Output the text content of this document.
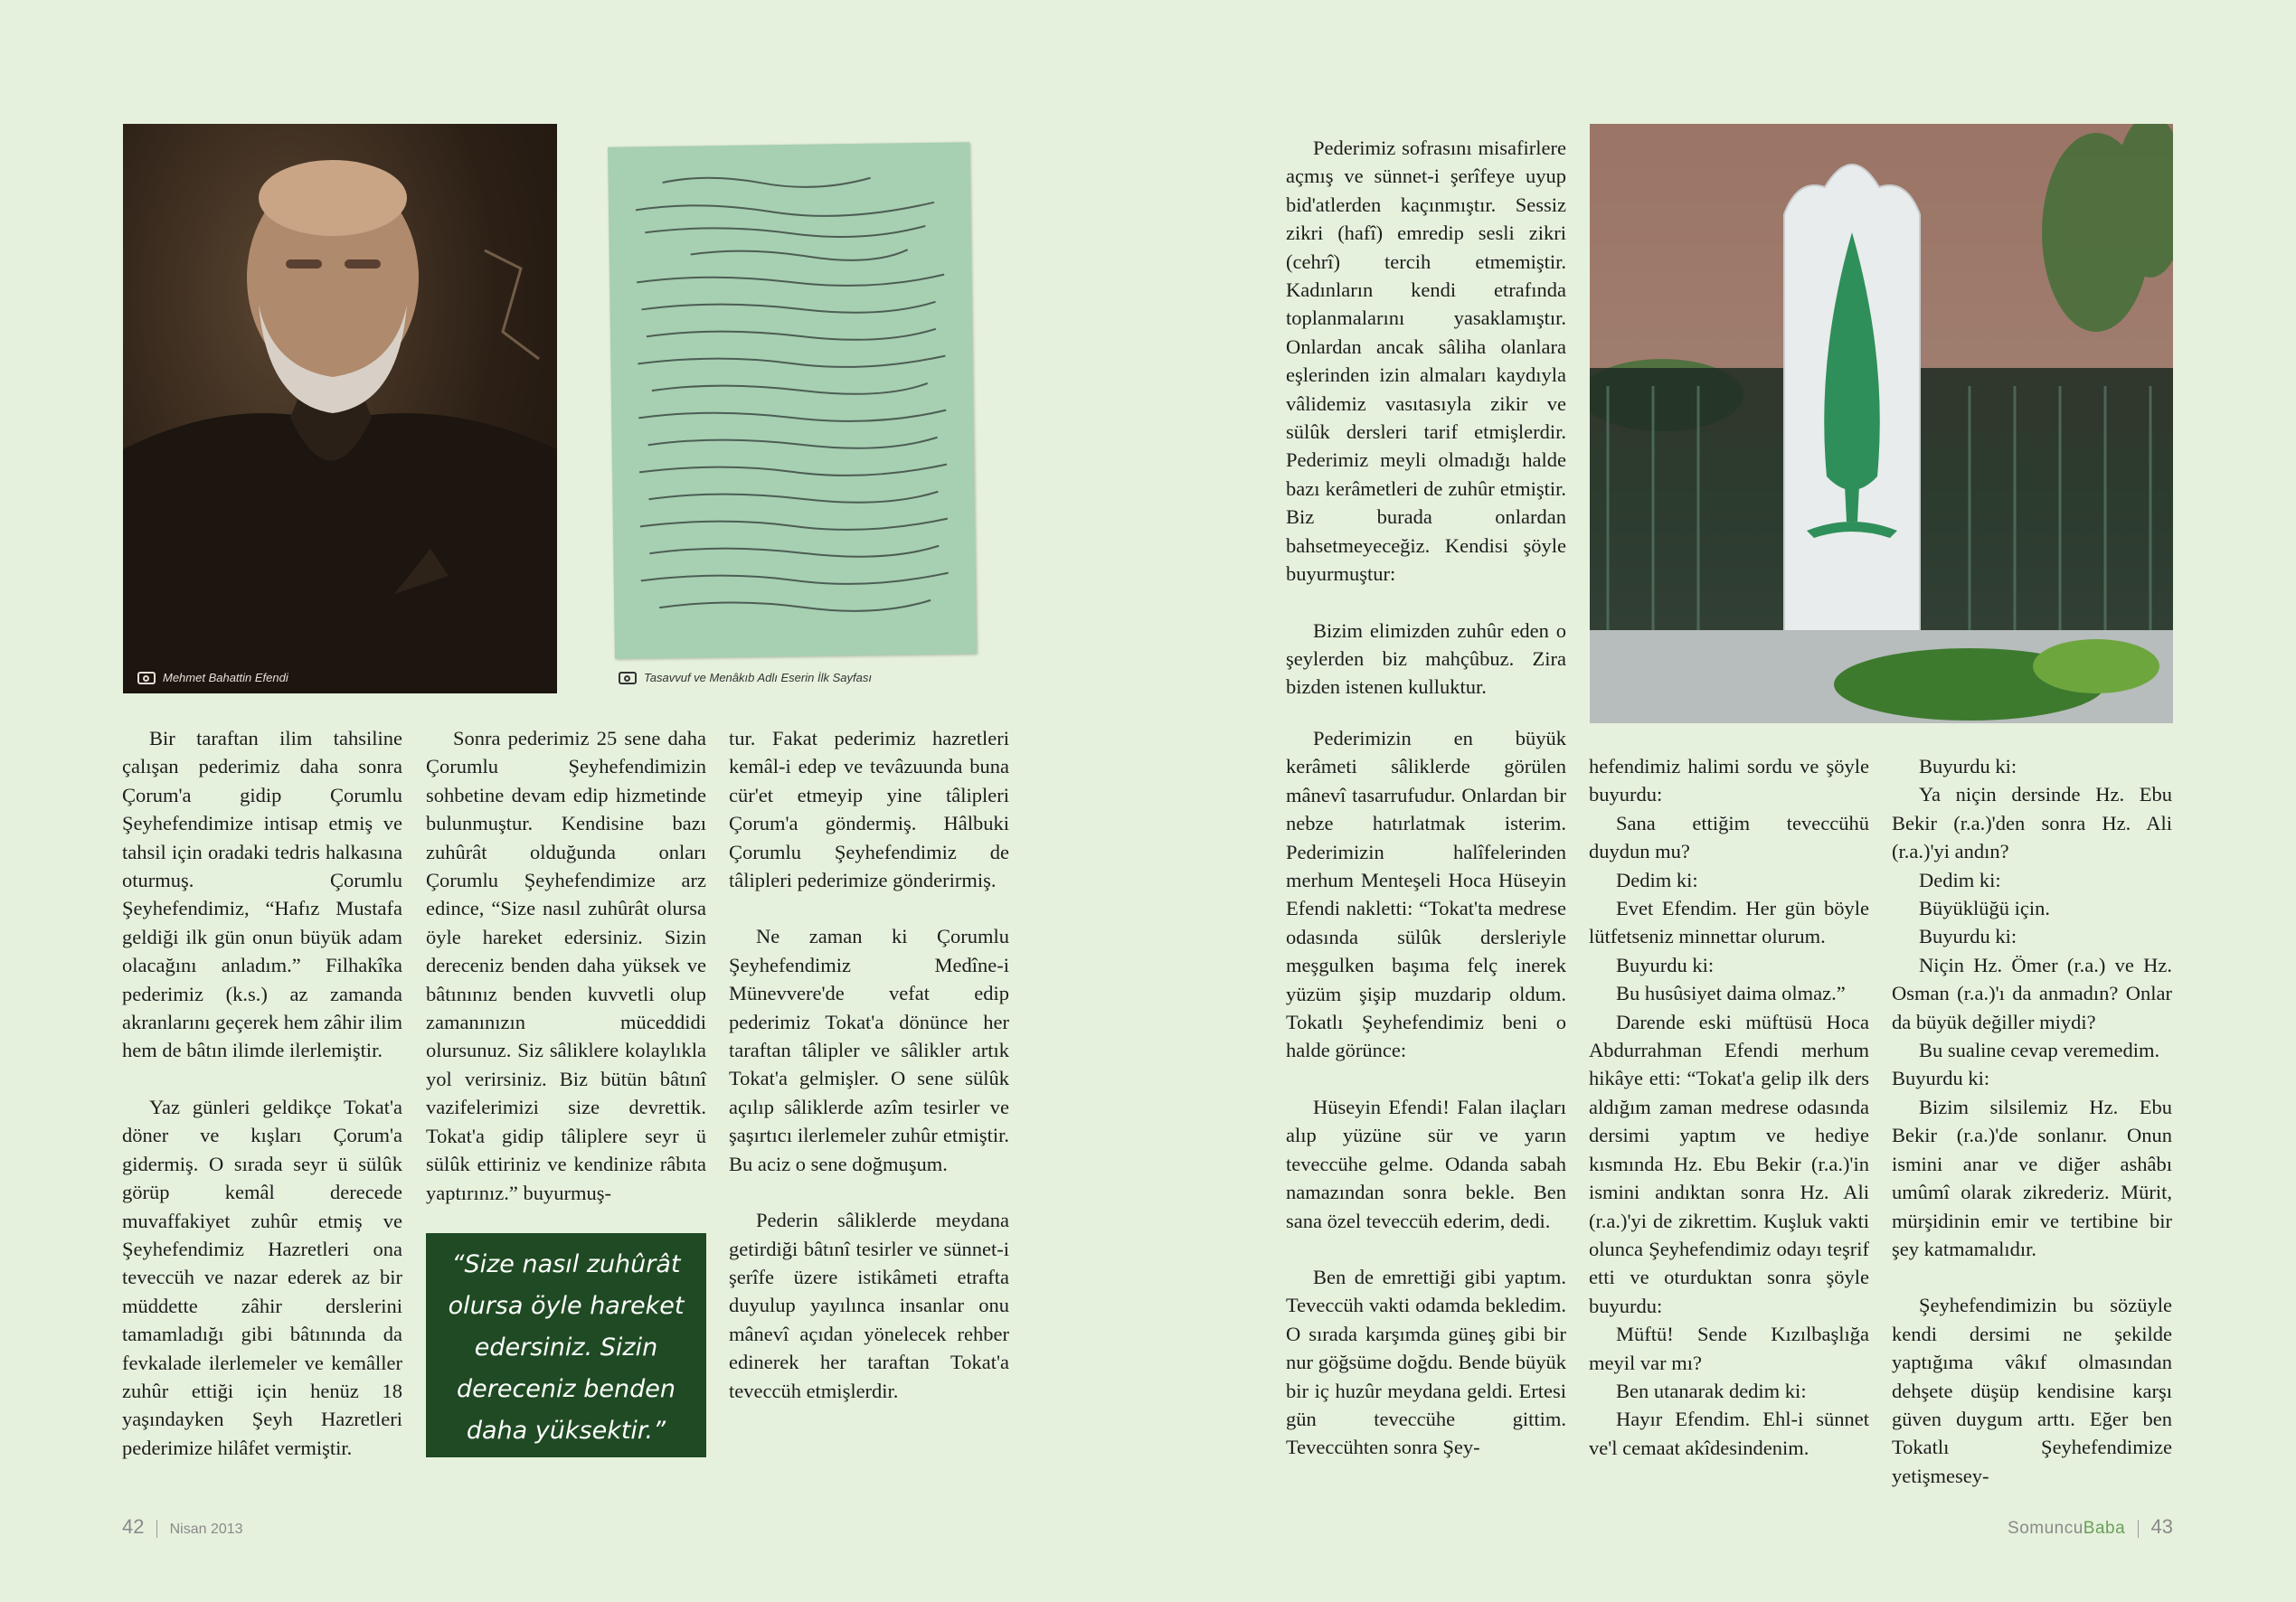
Mehmet Bahattin Efendi	Tasavvuf ve Menâkıb Adlı Eserin İlk Sayfası

Bir taraftan ilim tahsiline çalışan pederimiz daha sonra Çorum'a gidip Çorumlu Şeyhefendimize intisap etmiş ve tahsil için oradaki tedris halkasına oturmuş. Çorumlu Şeyhefendimiz, “Hafız Mustafa geldiği ilk gün onun büyük adam olacağını anladım.” Filhakîka pederimiz (k.s.) az zamanda akranlarını geçerek hem zâhir ilim hem de bâtın ilimde ilerlemiştir.

Yaz günleri geldikçe Tokat'a döner ve kışları Çorum'a gidermiş. O sırada seyr ü sülûk görüp kemâl derecede muvaffakiyet zuhûr etmiş ve Şeyhefendimiz Hazretleri ona teveccüh ve nazar ederek az bir müddette zâhir derslerini tamamladığı gibi bâtınında da fevkalade ilerlemeler ve kemâller zuhûr ettiği için henüz 18 yaşındayken Şeyh Hazretleri pederimize hilâfet vermiştir.

Sonra pederimiz 25 sene daha Çorumlu Şeyhefendimizin sohbetine devam edip hizmetinde bulunmuştur. Kendisine bazı zuhûrât olduğunda onları Çorumlu Şeyhefendimize arz edince, “Size nasıl zuhûrât olursa öyle hareket edersiniz. Sizin dereceniz benden daha yüksek ve bâtınınız benden kuvvetli olup zamanınızın müceddidi olursunuz. Siz sâliklere kolaylıkla yol verirsiniz. Biz bütün bâtınî vazifelerimizi size devrettik. Tokat'a gidip tâliplere seyr ü sülûk ettiriniz ve kendinize râbıta yaptırınız.” buyurmuş-

“Size nasıl zuhûrât olursa öyle hareket edersiniz. Sizin dereceniz benden daha yüksektir.”

tur. Fakat pederimiz hazretleri kemâl-i edep ve tevâzuunda buna cür'et etmeyip yine tâlipleri Çorum'a göndermiş. Hâlbuki Çorumlu Şeyhefendimiz de tâlipleri pederimize gönderirmiş.

Ne zaman ki Çorumlu Şeyhefendimiz Medîne-i Münevvere'de vefat edip pederimiz Tokat'a dönünce her taraftan tâlipler ve sâlikler artık Tokat'a gelmişler. O sene sülûk açılıp sâliklerde azîm tesirler ve şaşırtıcı ilerlemeler zuhûr etmiştir. Bu aciz o sene doğmuşum.

Pederin sâliklerde meydana getirdiği bâtınî tesirler ve sünnet-i şerîfe üzere istikâmeti etrafta duyulup yayılınca insanlar onu mânevî açıdan yönelecek rehber edinerek her taraftan Tokat'a teveccüh etmişlerdir.

42 Nisan 2013

Pederimiz sofrasını misafirlere açmış ve sünnet-i şerîfeye uyup bid'atlerden kaçınmıştır. Sessiz zikri (hafî) emredip sesli zikri (cehrî) tercih etmemiştir. Kadınların kendi etrafında toplanmalarını yasaklamıştır. Onlardan ancak sâliha olanlara eşlerinden izin almaları kaydıyla vâlidemiz vasıtasıyla zikir ve sülûk dersleri tarif etmişlerdir. Pederimiz meyli olmadığı halde bazı kerâmetleri de zuhûr etmiştir. Biz burada onlardan bahsetmeyeceğiz. Kendisi şöyle buyurmuştur:

Bizim elimizden zuhûr eden o şeylerden biz mahçûbuz. Zira bizden istenen kulluktur.

Pederimizin en büyük kerâmeti sâliklerde görülen mânevî tasarrufudur. Onlardan bir nebze hatırlatmak isterim. Pederimizin halîfelerinden merhum Menteşeli Hoca Hüseyin Efendi nakletti: “Tokat'ta medrese odasında sülûk dersleriyle meşgulken başıma felç inerek yüzüm şişip muzdarip oldum. Tokatlı Şeyhefendimiz beni o halde görünce:

Hüseyin Efendi! Falan ilaçları alıp yüzüne sür ve yarın teveccühe gelme. Odanda sabah namazından sonra bekle. Ben sana özel teveccüh ederim, dedi.

Ben de emrettiği gibi yaptım. Teveccüh vakti odamda bekledim. O sırada karşımda güneş gibi bir nur göğsüme doğdu. Bende büyük bir iç huzûr meydana geldi. Ertesi gün teveccühe gittim. Teveccühten sonra Şey-

hefendimiz halimi sordu ve şöyle buyurdu:

Sana ettiğim teveccühü duydun mu?

Dedim ki:

Evet Efendim. Her gün böyle lütfetseniz minnettar olurum.

Buyurdu ki:

Bu husûsiyet daima olmaz.”

Darende eski müftüsü Hoca Abdurrahman Efendi merhum hikâye etti: “Tokat'a gelip ilk ders aldığım zaman medrese odasında dersimi yaptım ve hediye kısmında Hz. Ebu Bekir (r.a.)'in ismini andıktan sonra Hz. Ali (r.a.)'yi de zikrettim. Kuşluk vakti olunca Şeyhefendimiz odayı teşrif etti ve oturduktan sonra şöyle buyurdu:

Müftü! Sende Kızılbaşlığa meyil var mı?

Ben utanarak dedim ki:

Hayır Efendim. Ehl-i sünnet ve'l cemaat akîdesindenim.

Buyurdu ki:

Ya niçin dersinde Hz. Ebu Bekir (r.a.)'den sonra Hz. Ali (r.a.)'yi andın?

Dedim ki:

Büyüklüğü için.

Buyurdu ki:

Niçin Hz. Ömer (r.a.) ve Hz. Osman (r.a.)'ı da anmadın? Onlar da büyük değiller miydi?

Bu sualine cevap veremedim.

Buyurdu ki:

Bizim silsilemiz Hz. Ebu Bekir (r.a.)'de sonlanır. Onun ismini anar ve diğer ashâbı umûmî olarak zikrederiz. Mürit, mürşidinin emir ve tertibine bir şey katmamalıdır.

Şeyhefendimizin bu sözüyle kendi dersimi ne şekilde yaptığıma vâkıf olmasından dehşete düşüp kendisine karşı güven duygum arttı. Eğer ben Tokatlı Şeyhefendimize yetişmesey-

SomuncuBaba 43
